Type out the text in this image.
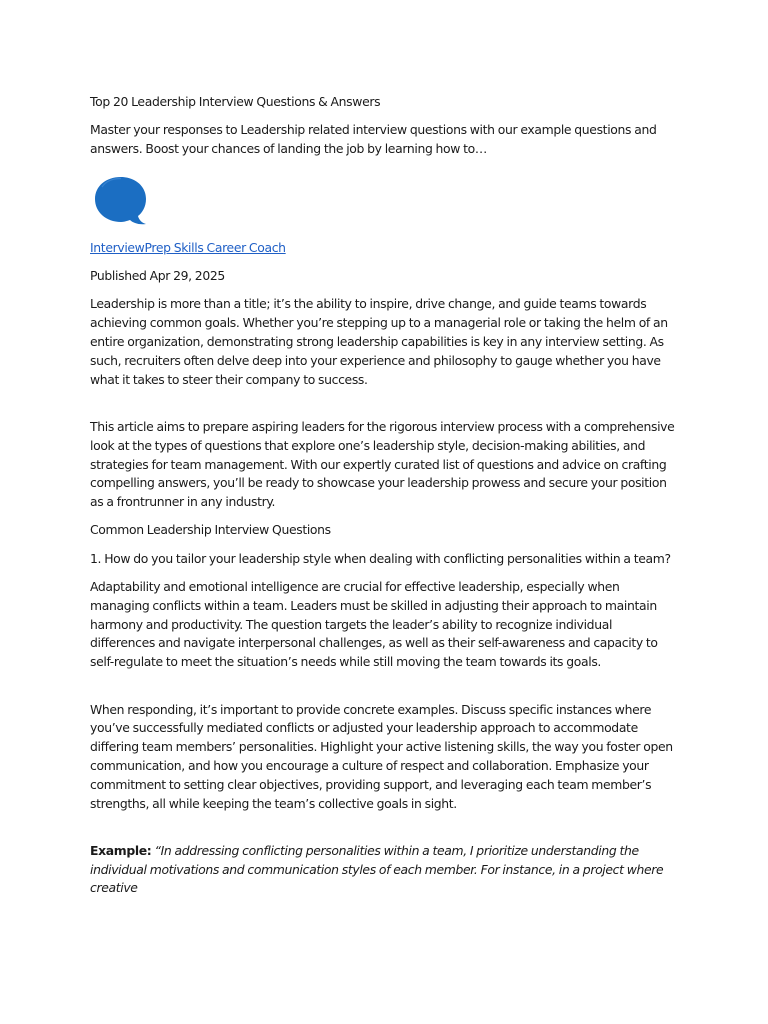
Top 20 Leadership Interview Questions & Answers

Master your responses to Leadership related interview questions with our example questions and answers. Boost your chances of landing the job by learning how to…

InterviewPrep Skills Career Coach

Published Apr 29, 2025

Leadership is more than a title; it’s the ability to inspire, drive change, and guide teams towards achieving common goals. Whether you’re stepping up to a managerial role or taking the helm of an entire organization, demonstrating strong leadership capabilities is key in any interview setting. As such, recruiters often delve deep into your experience and philosophy to gauge whether you have what it takes to steer their company to success.

This article aims to prepare aspiring leaders for the rigorous interview process with a comprehensive look at the types of questions that explore one’s leadership style, decision-making abilities, and strategies for team management. With our expertly curated list of questions and advice on crafting compelling answers, you’ll be ready to showcase your leadership prowess and secure your position as a frontrunner in any industry.

Common Leadership Interview Questions

1. How do you tailor your leadership style when dealing with conflicting personalities within a team?

Adaptability and emotional intelligence are crucial for effective leadership, especially when managing conflicts within a team. Leaders must be skilled in adjusting their approach to maintain harmony and productivity. The question targets the leader’s ability to recognize individual differences and navigate interpersonal challenges, as well as their self-awareness and capacity to self-regulate to meet the situation’s needs while still moving the team towards its goals.

When responding, it’s important to provide concrete examples. Discuss specific instances where you’ve successfully mediated conflicts or adjusted your leadership approach to accommodate differing team members’ personalities. Highlight your active listening skills, the way you foster open communication, and how you encourage a culture of respect and collaboration. Emphasize your commitment to setting clear objectives, providing support, and leveraging each team member’s strengths, all while keeping the team’s collective goals in sight.

Example: “In addressing conflicting personalities within a team, I prioritize understanding the individual motivations and communication styles of each member. For instance, in a project where creative
